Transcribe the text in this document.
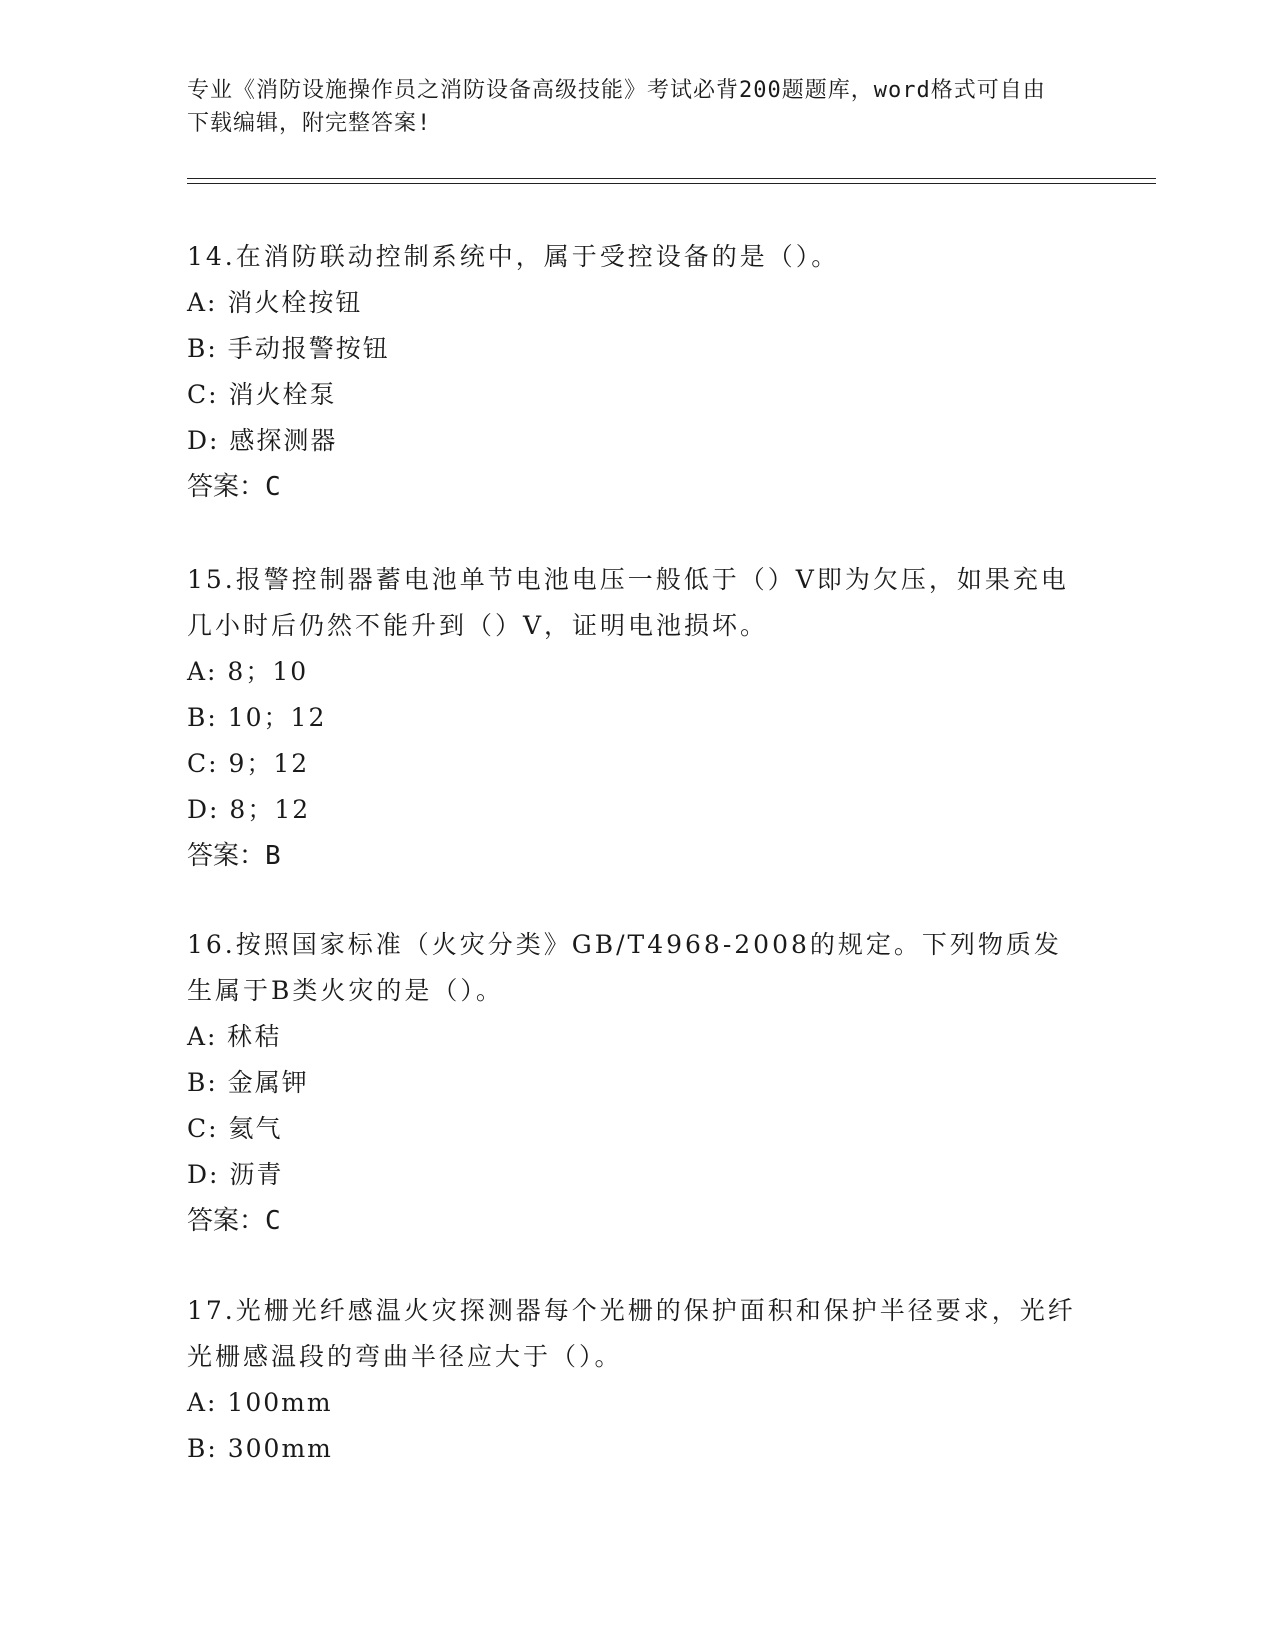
专业《消防设施操作员之消防设备高级技能》考试必背200题题库，word格式可自由下载编辑，附完整答案!

14.在消防联动控制系统中，属于受控设备的是（）。

A: 消火栓按钮

B: 手动报警按钮

C: 消火栓泵

D: 感探测器

答案：C

15.报警控制器蓄电池单节电池电压一般低于（）V即为欠压，如果充电几小时后仍然不能升到（）V，证明电池损坏。

A: 8；10

B: 10；12

C: 9；12

D: 8；12

答案：B

16.按照国家标准（火灾分类》GB/T4968-2008的规定。下列物质发生属于B类火灾的是（）。

A: 秫秸

B: 金属钾

C: 氦气

D: 沥青

答案：C

17.光栅光纤感温火灾探测器每个光栅的保护面积和保护半径要求，光纤光栅感温段的弯曲半径应大于（）。

A: 100mm

B: 300mm
